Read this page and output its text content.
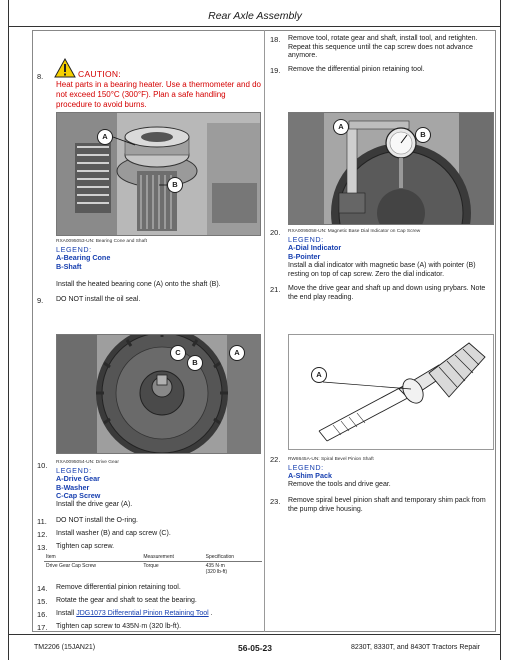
Rear Axle Assembly
8.	CAUTION:
Heat parts in a bearing heater. Use a thermometer and do not exceed 150°C (300°F). Plan a safe handling procedure to avoid burns.
A
B
RXA0095053-UN: Bearing Cone and Shaft
LEGEND:
A-Bearing Cone
B-Shaft
Install the heated bearing cone (A) onto the shaft (B).
9. DO NOT install the oil seal.
C
B
A
10. RXA0095054-UN: Drive Gear
LEGEND:
A-Drive Gear
B-Washer
C-Cap Screw
Install the drive gear (A).
11. DO NOT install the O-ring.
12. Install washer (B) and cap screw (C).
13. Tighten cap screw.
Item	Measurement	Specification
Drive Gear Cap Screw	Torque	435 N·m
(320 lb-ft)
14. Remove differential pinion retaining tool.
15. Rotate the gear and shaft to seat the bearing.
16. Install JDG1073 Differential Pinion Retaining Tool .
17. Tighten cap screw to 435N·m (320 lb-ft).
18. Remove tool, rotate gear and shaft, install tool, and retighten. Repeat this sequence until the cap screw does not advance anymore.
19. Remove the differential pinion retaining tool.
A
B
20. RXA0095058-UN: Magnetic Base Dial Indicator on Cap Screw
LEGEND:
A-Dial Indicator
B-Pointer
Install a dial indicator with magnetic base (A) with pointer (B) resting on top of cap screw. Zero the dial indicator.
21. Move the drive gear and shaft up and down using prybars. Note the end play reading.
A
22. RW8645A-UN: Spiral Bevel Pinion Shaft
LEGEND:
A-Shim Pack
Remove the tools and drive gear.
23. Remove spiral bevel pinion shaft and temporary shim pack from the pump drive housing.
TM2206 (15JAN21)	56-05-23	8230T, 8330T, and 8430T Tractors Repair
